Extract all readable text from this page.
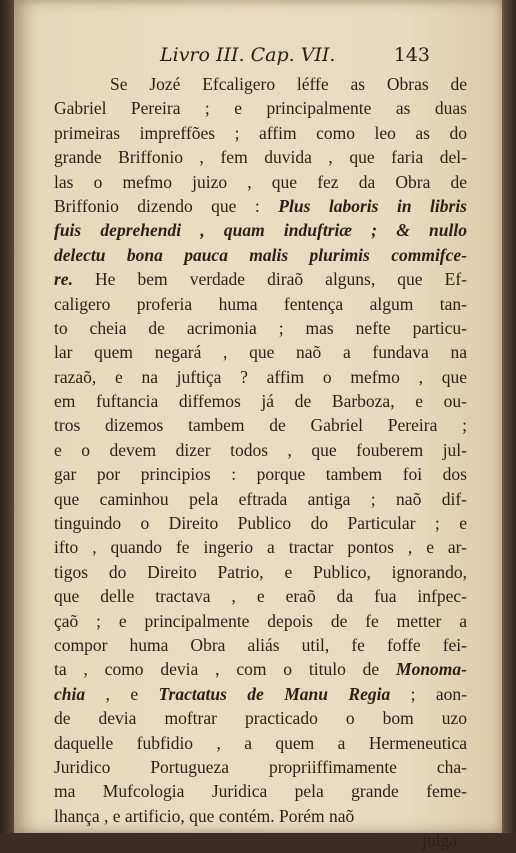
Livro III. Cap. VII.	143
Se Jozé Efcaligero léffe as Obras de
Gabriel Pereira ; e principalmente as duas
primeiras impreffões ; affim como leo as do
grande Briffonio , fem duvida , que faria del-
las o mefmo juizo , que fez da Obra de
Briffonio dizendo que : Plus laboris in libris
fuis deprehendi , quam induftriæ ; & nullo
delectu bona pauca malis plurimis commifce-
re. He bem verdade diraõ alguns, que Ef-
caligero proferia huma fentença algum tan-
to cheia de acrimonia ; mas nefte particu-
lar quem negará , que naõ a fundava na
razaõ, e na juftiça ? affim o mefmo , que
em fuftancia diffemos já de Barboza, e ou-
tros dizemos tambem de Gabriel Pereira ;
e o devem dizer todos , que fouberem jul-
gar por principios : porque tambem foi dos
que caminhou pela eftrada antiga ; naõ dif-
tinguindo o Direito Publico do Particular ; e
ifto , quando fe ingerio a tractar pontos , e ar-
tigos do Direito Patrio, e Publico, ignorando,
que delle tractava , e eraõ da fua infpec-
çaõ ; e principalmente depois de fe metter a
compor huma Obra aliás util, fe foffe fei-
ta , como devia , com o titulo de Monoma-
chia , e Tractatus de Manu Regia ; aon-
de devia moftrar practicado o bom uzo
daquelle fubfidio , a quem a Hermeneutica
Juridico Portugueza propriiffimamente cha-
ma Mufcologia Juridica pela grande feme-
lhança , e artificio, que contém. Porém naõ
julga
